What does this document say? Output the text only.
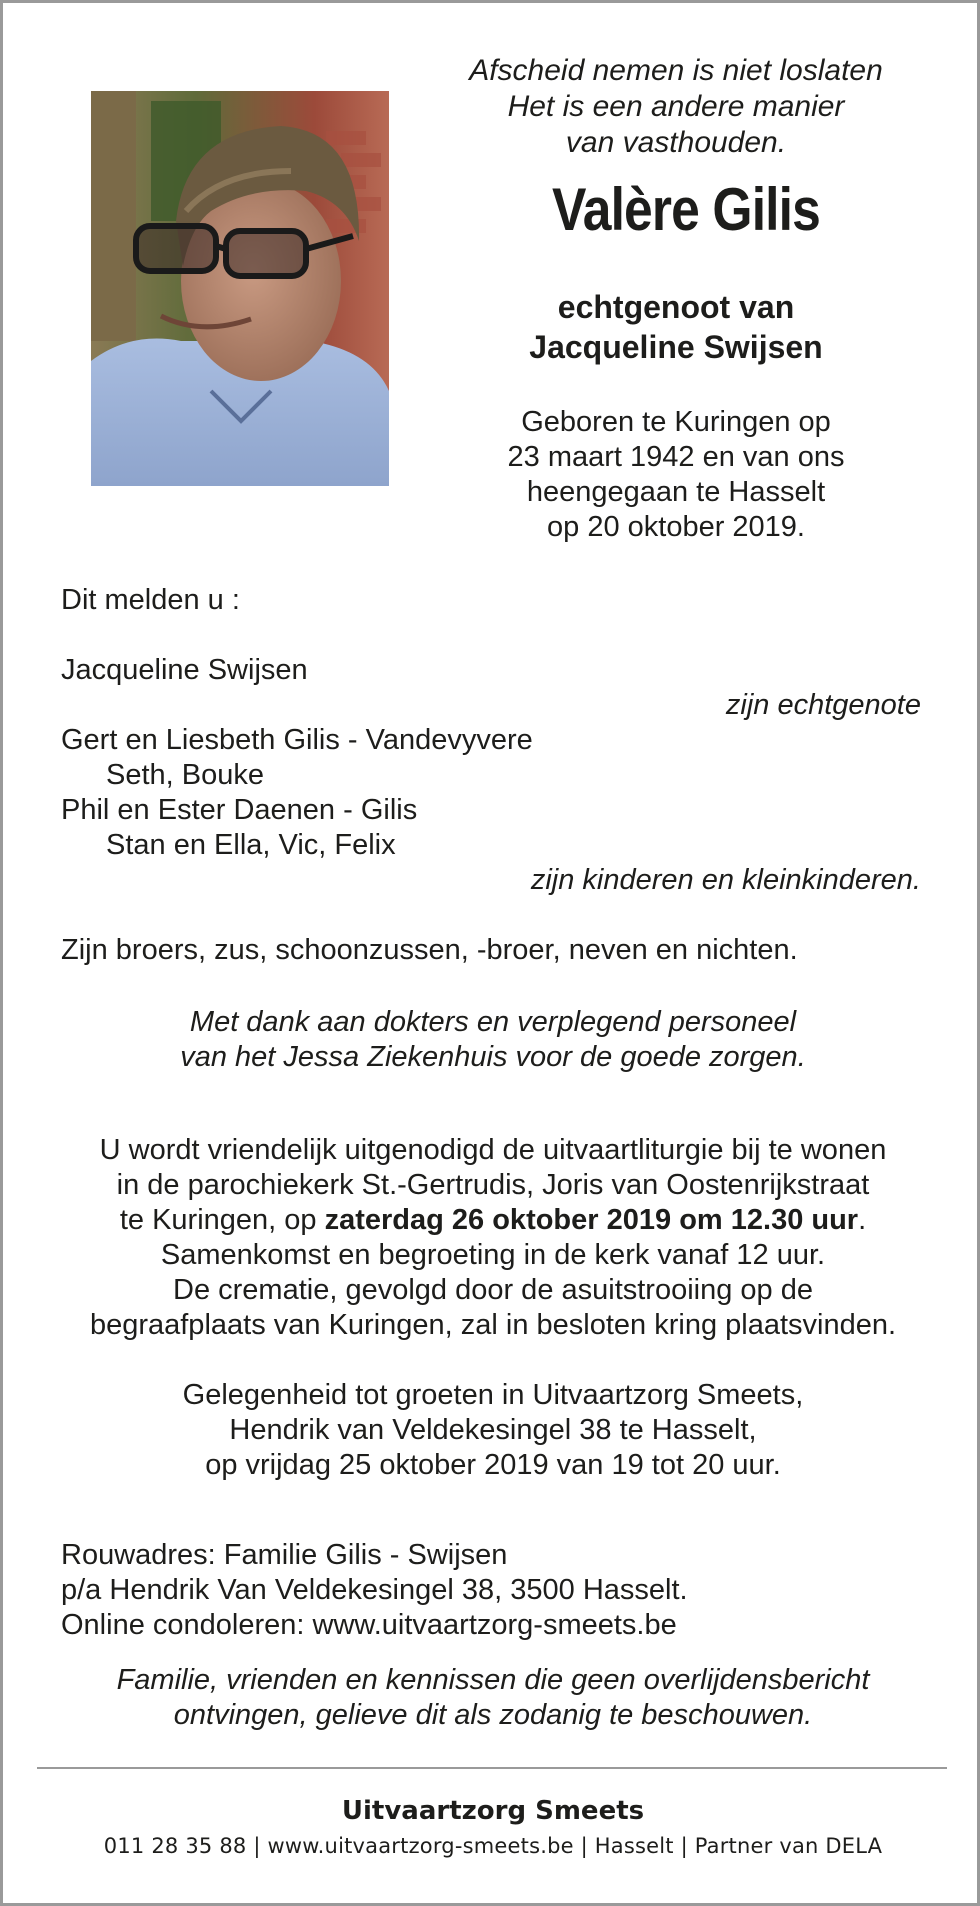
Afscheid nemen is niet loslaten
Het is een andere manier
van vasthouden.
Valère Gilis
echtgenoot van
Jacqueline Swijsen
Geboren te Kuringen op
23 maart 1942 en van ons
heengegaan te Hasselt
op 20 oktober 2019.
Dit melden u :
Jacqueline Swijsen
zijn echtgenote
Gert en Liesbeth Gilis - Vandevyvere
Seth, Bouke
Phil en Ester Daenen - Gilis
Stan en Ella, Vic, Felix
zijn kinderen en kleinkinderen.
Zijn broers, zus, schoonzussen, -broer, neven en nichten.
Met dank aan dokters en verplegend personeel
van het Jessa Ziekenhuis voor de goede zorgen.
U wordt vriendelijk uitgenodigd de uitvaartliturgie bij te wonen
in de parochiekerk St.-Gertrudis, Joris van Oostenrijkstraat
te Kuringen, op zaterdag 26 oktober 2019 om 12.30 uur.
Samenkomst en begroeting in de kerk vanaf 12 uur.
De crematie, gevolgd door de asuitstrooiing op de
begraafplaats van Kuringen, zal in besloten kring plaatsvinden.
Gelegenheid tot groeten in Uitvaartzorg Smeets,
Hendrik van Veldekesingel 38 te Hasselt,
op vrijdag 25 oktober 2019 van 19 tot 20 uur.
Rouwadres: Familie Gilis - Swijsen
p/a Hendrik Van Veldekesingel 38, 3500 Hasselt.
Online condoleren: www.uitvaartzorg-smeets.be
Familie, vrienden en kennissen die geen overlijdensbericht
ontvingen, gelieve dit als zodanig te beschouwen.
Uitvaartzorg Smeets
011 28 35 88 | www.uitvaartzorg-smeets.be | Hasselt | Partner van DELA
